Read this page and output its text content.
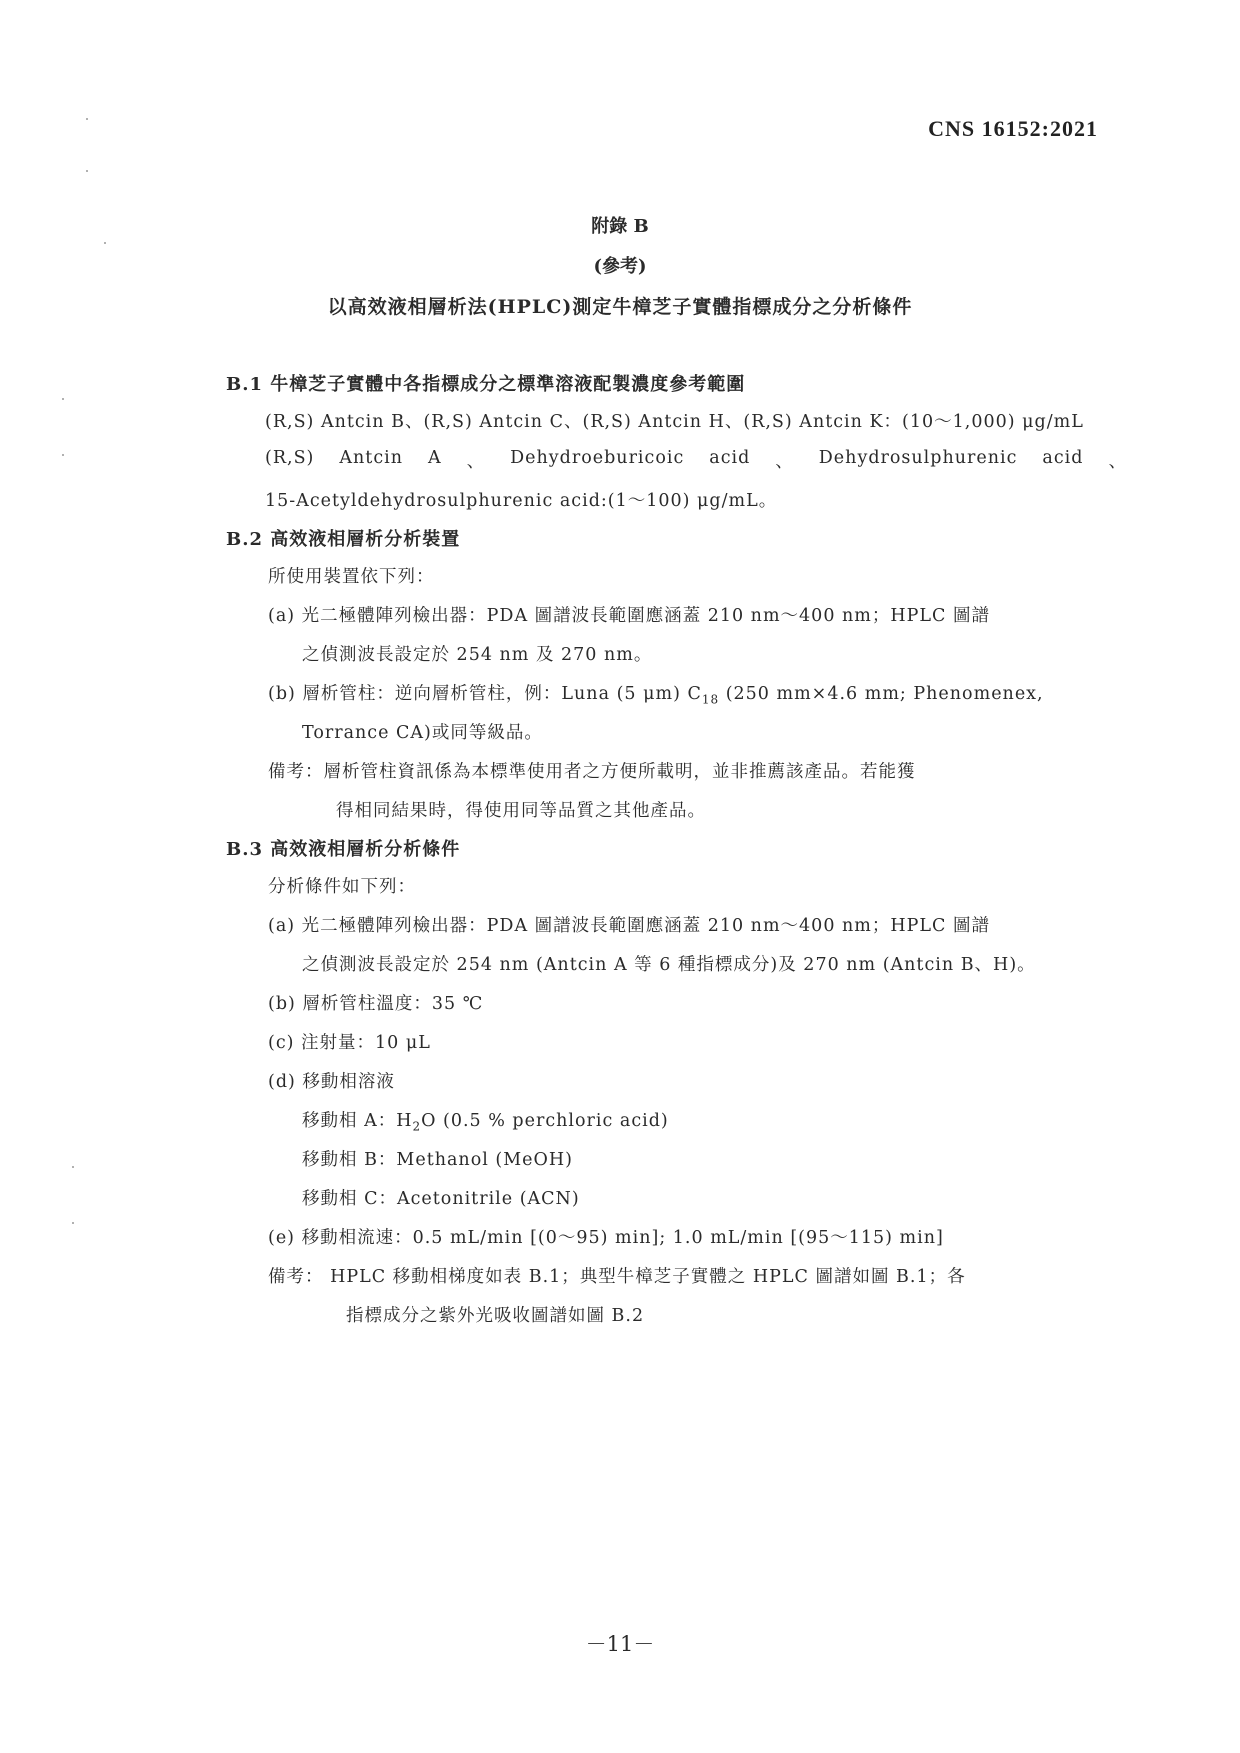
CNS 16152:2021
附錄 B
(參考)
以高效液相層析法(HPLC)測定牛樟芝子實體指標成分之分析條件
B.1 牛樟芝子實體中各指標成分之標準溶液配製濃度參考範圍
(R,S) Antcin B、(R,S) Antcin C、(R,S) Antcin H、(R,S) Antcin K：(10～1,000) μg/mL
(R,S) Antcin A 、 Dehydroeburicoic acid 、 Dehydrosulphurenic acid 、
15-Acetyldehydrosulphurenic acid:(1～100) μg/mL。
B.2 高效液相層析分析裝置
所使用裝置依下列：
(a) 光二極體陣列檢出器：PDA 圖譜波長範圍應涵蓋 210 nm～400 nm；HPLC 圖譜
之偵測波長設定於 254 nm 及 270 nm。
(b) 層析管柱：逆向層析管柱，例：Luna (5 μm) $C_{18}$ (250 mm×4.6 mm; Phenomenex,
Torrance CA)或同等級品。
備考：層析管柱資訊係為本標準使用者之方便所載明，並非推薦該產品。若能獲
得相同結果時，得使用同等品質之其他產品。
B.3 高效液相層析分析條件
分析條件如下列：
(a) 光二極體陣列檢出器：PDA 圖譜波長範圍應涵蓋 210 nm～400 nm；HPLC 圖譜
之偵測波長設定於 254 nm (Antcin A 等 6 種指標成分)及 270 nm (Antcin B、H)。
(b) 層析管柱溫度：35 ℃
(c) 注射量：10 μL
(d) 移動相溶液
移動相 A：$H_2O$ (0.5 % perchloric acid)
移動相 B：Methanol (MeOH)
移動相 C：Acetonitrile (ACN)
(e) 移動相流速：0.5 mL/min [(0～95) min]; 1.0 mL/min [(95～115) min]
備考： HPLC 移動相梯度如表 B.1；典型牛樟芝子實體之 HPLC 圖譜如圖 B.1；各
指標成分之紫外光吸收圖譜如圖 B.2
－11－
